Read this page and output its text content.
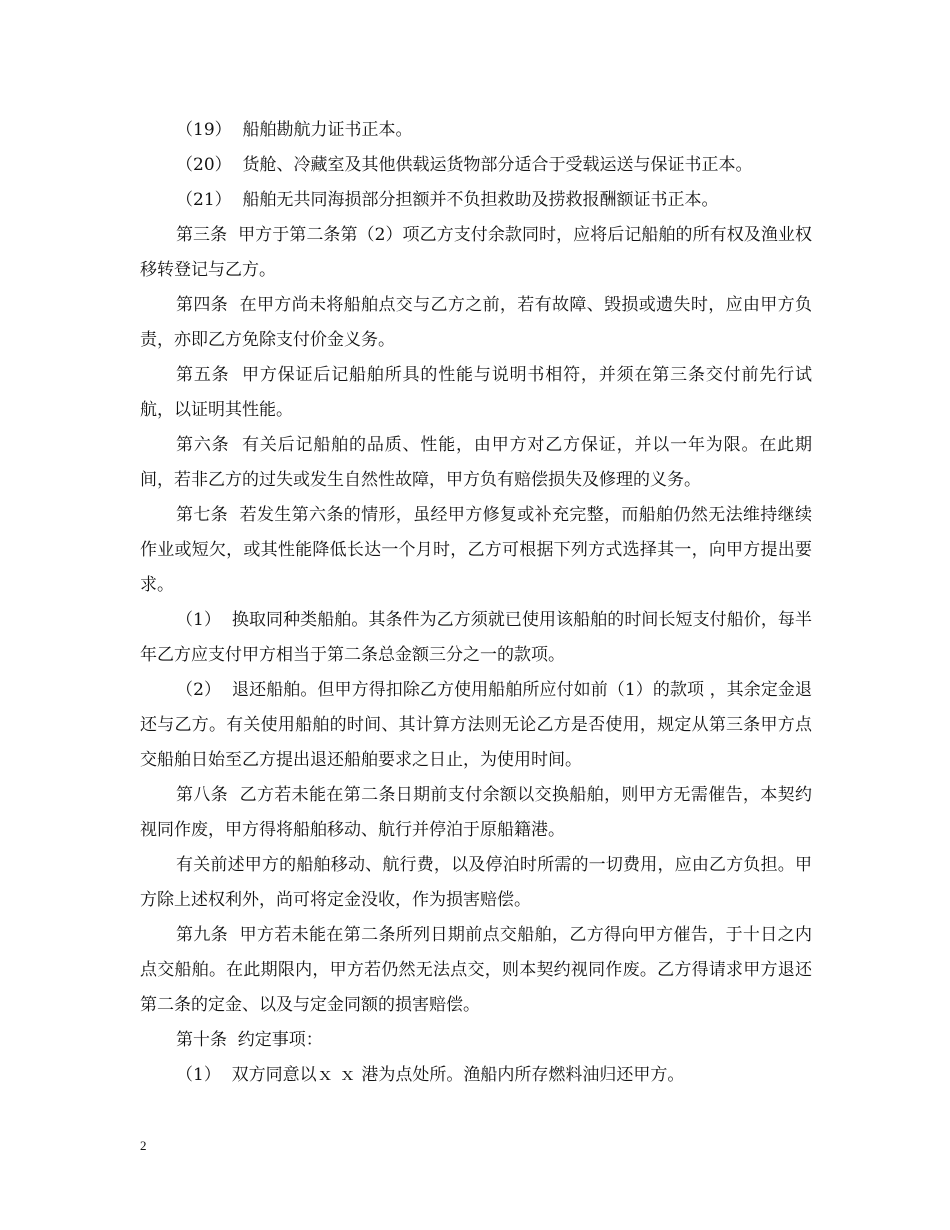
（19）  船舶勘航力证书正本。

（20）  货舱、冷藏室及其他供载运货物部分适合于受载运送与保证书正本。

（21）  船舶无共同海损部分担额并不负担救助及捞救报酬额证书正本。

第三条  甲方于第二条第（2）项乙方支付余款同时，应将后记船舶的所有权及渔业权移转登记与乙方。

第四条  在甲方尚未将船舶点交与乙方之前，若有故障、毁损或遗失时，应由甲方负责，亦即乙方免除支付价金义务。

第五条  甲方保证后记船舶所具的性能与说明书相符，并须在第三条交付前先行试航，以证明其性能。

第六条  有关后记船舶的品质、性能，由甲方对乙方保证，并以一年为限。在此期间，若非乙方的过失或发生自然性故障，甲方负有赔偿损失及修理的义务。

第七条  若发生第六条的情形，虽经甲方修复或补充完整，而船舶仍然无法维持继续作业或短欠，或其性能降低长达一个月时，乙方可根据下列方式选择其一，向甲方提出要求。

（1）  换取同种类船舶。其条件为乙方须就已使用该船舶的时间长短支付船价，每半年乙方应支付甲方相当于第二条总金额三分之一的款项。

（2）  退还船舶。但甲方得扣除乙方使用船舶所应付如前（1）的款项 ，其余定金退还与乙方。有关使用船舶的时间、其计算方法则无论乙方是否使用，规定从第三条甲方点交船舶日始至乙方提出退还船舶要求之日止，为使用时间。

第八条  乙方若未能在第二条日期前支付余额以交换船舶，则甲方无需催告，本契约视同作废，甲方得将船舶移动、航行并停泊于原船籍港。

有关前述甲方的船舶移动、航行费，以及停泊时所需的一切费用，应由乙方负担。甲方除上述权利外，尚可将定金没收，作为损害赔偿。

第九条  甲方若未能在第二条所列日期前点交船舶，乙方得向甲方催告，于十日之内点交船舶。在此期限内，甲方若仍然无法点交，则本契约视同作废。乙方得请求甲方退还第二条的定金、以及与定金同额的损害赔偿。

第十条  约定事项：

（1）  双方同意以ｘ ｘ 港为点处所。渔船内所存燃料油归还甲方。

2
